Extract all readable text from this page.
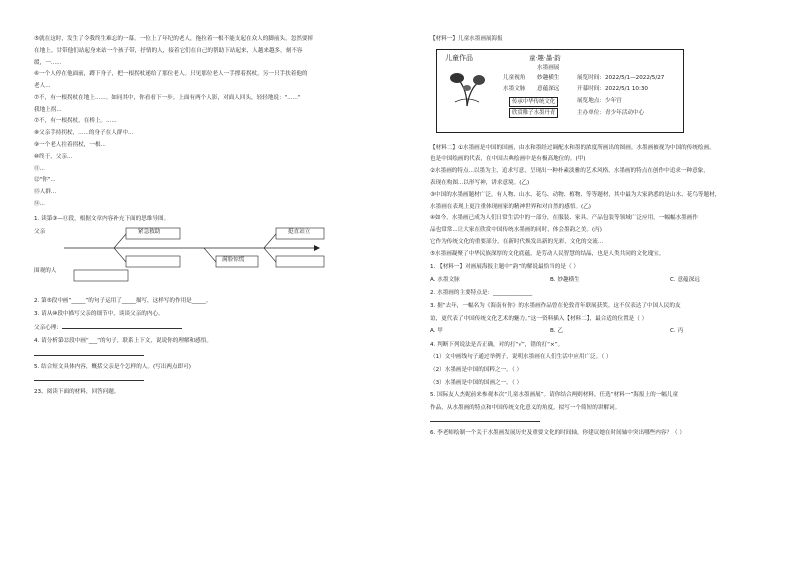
⑤就在这时，发生了令我终生难忘的一幕。一位上了年纪的老人，拖拉着一根不能支起在众人的脚前头，忽然要摔

在地上。甘带他们站起身来站一个孩子带，抒情的人，接着它们在自己的帮助下站起来，人越来越多，刻不容

缓，一......

⑥一个人停在他面前，蹲下身子，把一根拐杖递给了那位老人。只见那位老人一手撑着拐杖，另一只手扶着他的

老人...

⑦不，有一根拐杖在地上......。如同其中，你看看下一步。上面有两个人影，对面人回头，轻轻地说："......"

我地上拐...

⑦不，有一根拐杖，在桥上。......

⑧父亲手持拐杖，......的身子在人群中...

⑨一个老人拄着拐杖，一根...

⑩终于，父亲...

⑪...

⑫"你"...

⑬人群...

⑭...

1. 读第③—⑪段，根据文章内容补充下面的思维导图。

父亲
围观的人
紧急救助	挺直站立
满脸惊慌

2. 第⑤段中画“_____”的句子运用了_____描写，这样写的作用是_____。

3. 请从⑩段中描写父亲的细节中，谈谈父亲的内心。

父亲心理：

4. 请分析第⑫段中画“___”的句子，联系上下文，说说你的理解和感悟。

5. 结合短文具体内容，概括父亲是个怎样的人。(写出两点即可)

23、阅读下面的材料，回答问题。

【材料一】儿童水墨画展海报

儿童作品	童·趣·墨·韵
水墨画展
儿童视角 妙趣横生
水墨文脉 意蕴深远
传承中华传统文化
欣赏稚子水墨丹青
展览时间：2022/5/1—2022/5/27
开幕时间：2022/5/1 10:30
展览地点：少年宫
主办单位：青少年活动中心

【材料二】①水墨画是中国的国画，由水和墨经过调配水和墨的浓度所画出的图画。水墨画被视为中国的传统绘画，

也是中国绘画的代表，在中国古典绘画中是有极高地位的。(甲)

②水墨画的特点...以墨为主，追求写意，呈现出一种朴素淡雅的艺术风格。水墨画的特点在创作中追求一种意象，

表现在构图...以形写神，讲求意境。(乙)

③中国的水墨画题材广泛，有人物、山水、花鸟、动物、植物、等等题材，其中最为大家熟悉的是山水、花鸟等题材，

水墨画在表现上更注重体现画家的精神世界和对自然的感悟。(乙)

④如今，水墨画已成为人们日常生活中的一部分，在服装、家具、产品包装等领域广泛应用，一幅幅水墨画作

品也常常...让大家在欣赏中国传统水墨画的同时，体会墨韵之美。(丙)

它作为传统文化的重要部分，在新时代焕发出新的光彩，文化的交流...

⑤水墨画凝聚了中华民族深厚的文化底蕴，是劳动人民智慧的结晶，也是人类共同的文化瑰宝。

1. 【材料一】对画展海报主题中“韵”的解说最恰当的是（ ）

A. 水墨文脉	B. 妙趣横生	C. 意蕴深远

2. 水墨画的主要特点是：______________

3. 据“去年，一幅名为《海南有你》的水墨画作品曾在伦敦青年联展获奖。这不仅表达了中国人民的友

谊，更代表了中国传统文化艺术的魅力。”这一资料插入【材料二】，最合适的位置是（ ）

A. 甲	B. 乙	C. 丙

4. 判断下列说法是否正确，对的打“√”，错的打“×”。

（1）文中画线句子通过举例子，说明水墨画在人们生活中应用广泛。（ ）

（2）水墨画是中国的国粹之一。（ ）

（3）水墨画是中国的国画之一。（ ）

5. 国际友人杰妮前来参观本次“儿童水墨画展”。请你结合两则材料，任选“材料一”海报上的一幅儿童

作品，从水墨画的特点和中国传统文化意义的角度，拟写一个简短的讲解词。

6. 李老师绘制一个关于水墨画发展历史及重要文化的时间轴，你建议她在时间轴中突出哪些内容？（ ）
